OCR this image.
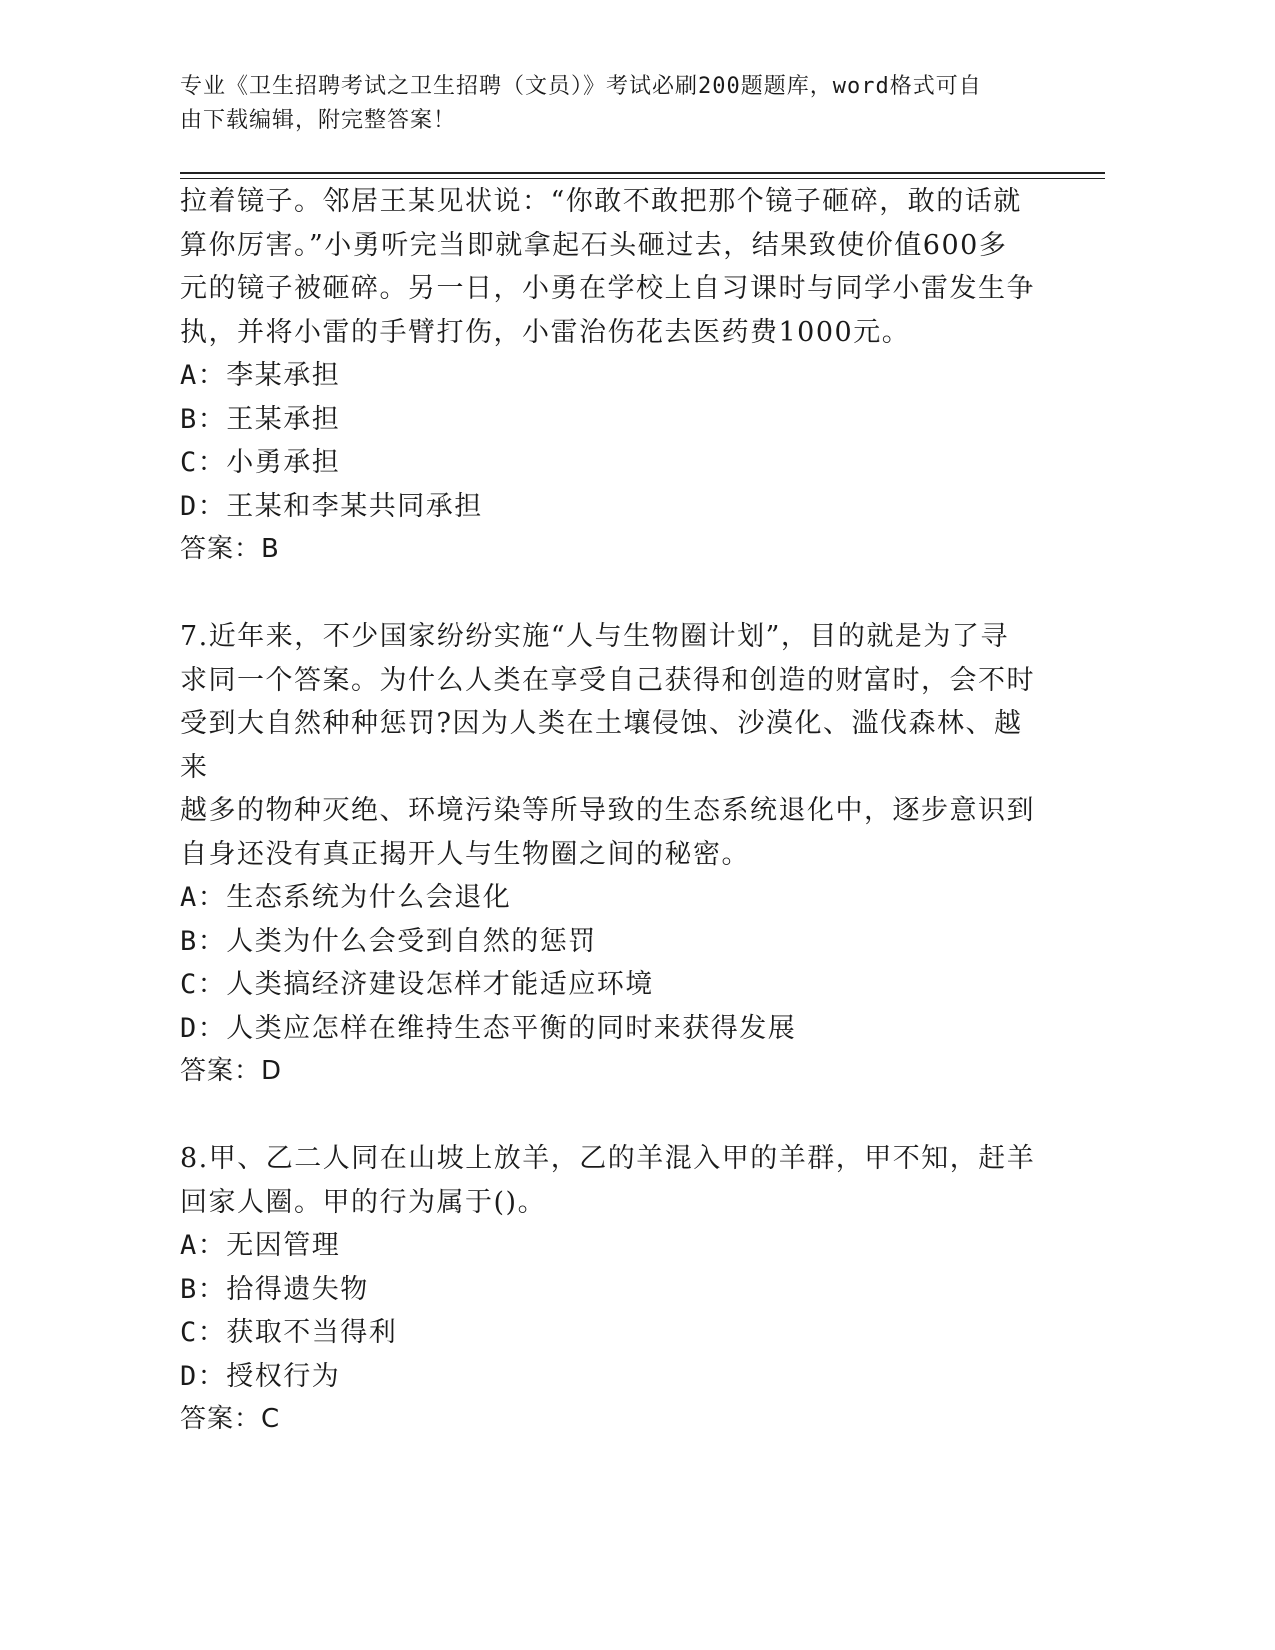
专业《卫生招聘考试之卫生招聘（文员）》考试必刷200题题库，word格式可自
由下载编辑，附完整答案！
拉着镜子。邻居王某见状说：“你敢不敢把那个镜子砸碎，敢的话就
算你厉害。”小勇听完当即就拿起石头砸过去，结果致使价值600多
元的镜子被砸碎。另一日，小勇在学校上自习课时与同学小雷发生争
执，并将小雷的手臂打伤，小雷治伤花去医药费1000元。
A：李某承担
B：王某承担
C：小勇承担
D：王某和李某共同承担
答案：B
7.近年来，不少国家纷纷实施“人与生物圈计划”，目的就是为了寻
求同一个答案。为什么人类在享受自己获得和创造的财富时，会不时
受到大自然种种惩罚?因为人类在土壤侵蚀、沙漠化、滥伐森林、越来
越多的物种灭绝、环境污染等所导致的生态系统退化中，逐步意识到
自身还没有真正揭开人与生物圈之间的秘密。
A：生态系统为什么会退化
B：人类为什么会受到自然的惩罚
C：人类搞经济建设怎样才能适应环境
D：人类应怎样在维持生态平衡的同时来获得发展
答案：D
8.甲、乙二人同在山坡上放羊，乙的羊混入甲的羊群，甲不知，赶羊
回家人圈。甲的行为属于()。
A：无因管理
B：拾得遗失物
C：获取不当得利
D：授权行为
答案：C
